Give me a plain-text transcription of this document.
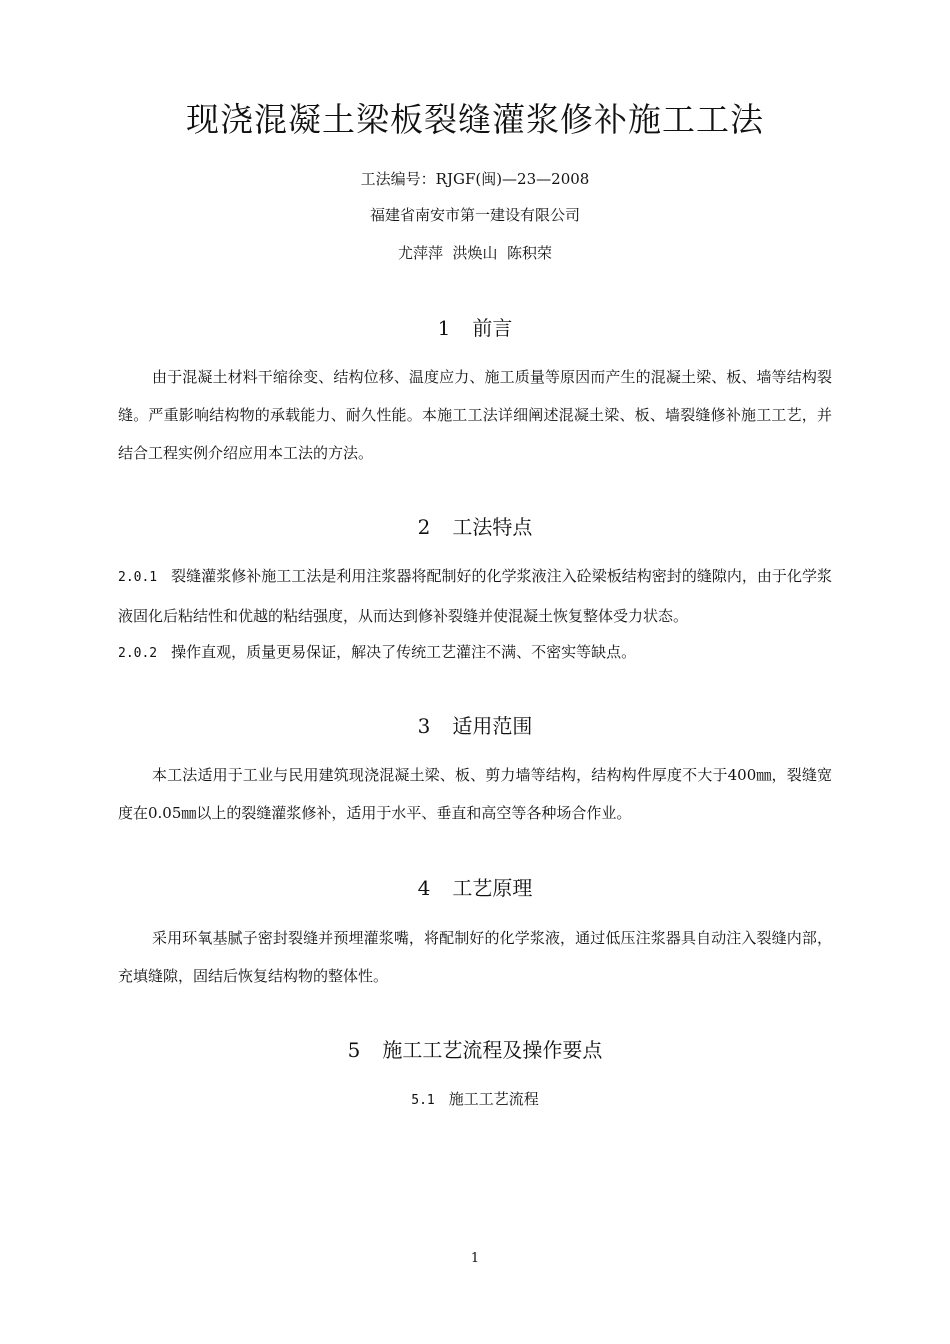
现浇混凝土梁板裂缝灌浆修补施工工法
工法编号：RJGF(闽)—23—2008
福建省南安市第一建设有限公司
尤萍萍  洪焕山  陈积荣
1 前言
由于混凝土材料干缩徐变、结构位移、温度应力、施工质量等原因而产生的混凝土梁、板、墙等结构裂缝。严重影响结构物的承载能力、耐久性能。本施工工法详细阐述混凝土梁、板、墙裂缝修补施工工艺，并结合工程实例介绍应用本工法的方法。
2 工法特点
2.0.1 裂缝灌浆修补施工工法是利用注浆器将配制好的化学浆液注入砼梁板结构密封的缝隙内，由于化学浆液固化后粘结性和优越的粘结强度，从而达到修补裂缝并使混凝土恢复整体受力状态。
2.0.2 操作直观，质量更易保证，解决了传统工艺灌注不满、不密实等缺点。
3 适用范围
本工法适用于工业与民用建筑现浇混凝土梁、板、剪力墙等结构，结构构件厚度不大于400㎜，裂缝宽度在0.05㎜以上的裂缝灌浆修补，适用于水平、垂直和高空等各种场合作业。
4 工艺原理
采用环氧基腻子密封裂缝并预埋灌浆嘴，将配制好的化学浆液，通过低压注浆器具自动注入裂缝内部，充填缝隙，固结后恢复结构物的整体性。
5 施工工艺流程及操作要点
5.1 施工工艺流程
1
